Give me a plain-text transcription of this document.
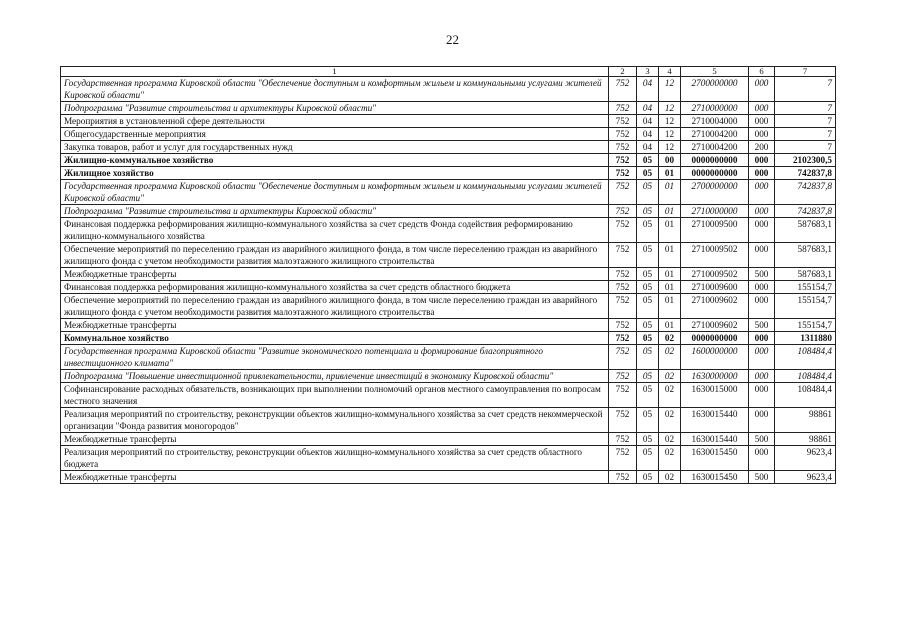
22
1	2	3	4	5	6	7
Государственная программа Кировской области "Обеспечение доступным и комфортным жильем и коммунальными услугами жителей Кировской области"	752	04	12	2700000000	000	7
Подпрограмма "Развитие строительства и архитектуры Кировской области"	752	04	12	2710000000	000	7
Мероприятия в установленной сфере деятельности	752	04	12	2710004000	000	7
Общегосударственные мероприятия	752	04	12	2710004200	000	7
Закупка товаров, работ и услуг для государственных нужд	752	04	12	2710004200	200	7
Жилищно-коммунальное хозяйство	752	05	00	0000000000	000	2102300,5
Жилищное хозяйство	752	05	01	0000000000	000	742837,8
Государственная программа Кировской области "Обеспечение доступным и комфортным жильем и коммунальными услугами жителей Кировской области"	752	05	01	2700000000	000	742837,8
Подпрограмма "Развитие строительства и архитектуры Кировской области"	752	05	01	2710000000	000	742837,8
Финансовая поддержка реформирования жилищно-коммунального хозяйства за счет средств Фонда содействия реформированию жилищно-коммунального хозяйства	752	05	01	2710009500	000	587683,1
Обеспечение мероприятий по переселению граждан из аварийного жилищного фонда, в том числе переселению граждан из аварийного жилищного фонда с учетом необходимости развития малоэтажного жилищного строительства	752	05	01	2710009502	000	587683,1
Межбюджетные трансферты	752	05	01	2710009502	500	587683,1
Финансовая поддержка реформирования жилищно-коммунального хозяйства за счет средств областного бюджета	752	05	01	2710009600	000	155154,7
Обеспечение мероприятий по переселению граждан из аварийного жилищного фонда, в том числе переселению граждан из аварийного жилищного фонда с учетом необходимости развития малоэтажного жилищного строительства	752	05	01	2710009602	000	155154,7
Межбюджетные трансферты	752	05	01	2710009602	500	155154,7
Коммунальное хозяйство	752	05	02	0000000000	000	1311880
Государственная программа Кировской области "Развитие экономического потенциала и формирование благоприятного инвестиционного климата"	752	05	02	1600000000	000	108484,4
Подпрограмма "Повышение инвестиционной привлекательности, привлечение инвестиций в экономику Кировской области"	752	05	02	1630000000	000	108484,4
Софинансирование расходных обязательств, возникающих при выполнении полномочий органов местного самоуправления по вопросам местного значения	752	05	02	1630015000	000	108484,4
Реализация мероприятий по строительству, реконструкции объектов жилищно-коммунального хозяйства за счет средств некоммерческой организации "Фонда развития моногородов"	752	05	02	1630015440	000	98861
Межбюджетные трансферты	752	05	02	1630015440	500	98861
Реализация мероприятий по строительству, реконструкции объектов жилищно-коммунального хозяйства за счет средств областного бюджета	752	05	02	1630015450	000	9623,4
Межбюджетные трансферты	752	05	02	1630015450	500	9623,4
